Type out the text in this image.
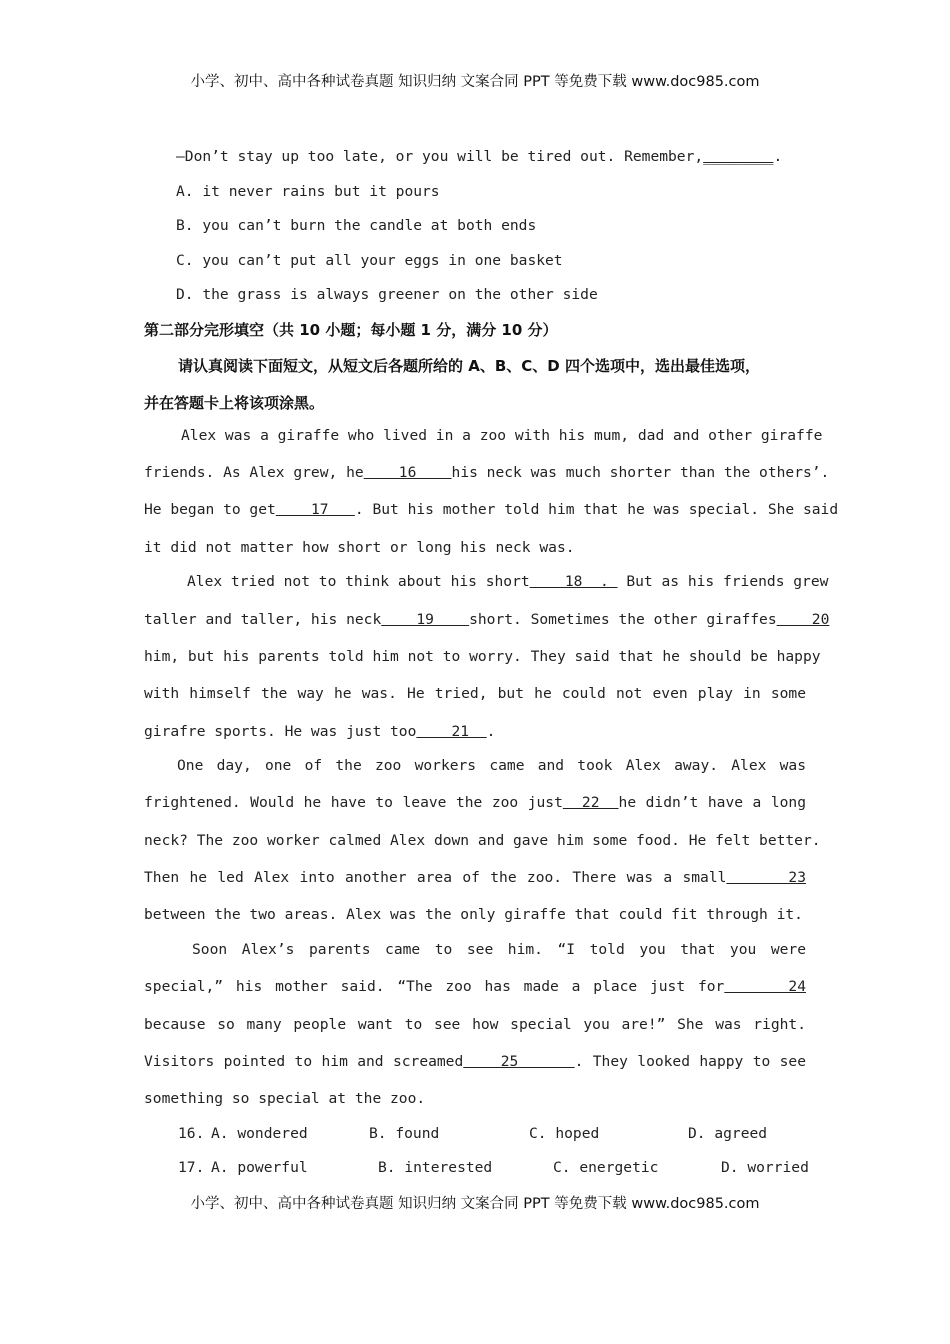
小学、初中、高中各种试卷真题 知识归纳 文案合同 PPT 等免费下载 www.doc985.com
—Don’t stay up too late, or you will be tired out. Remember,________.
A. it never rains but it pours
B. you can’t burn the candle at both ends
C. you can’t put all your eggs in one basket
D. the grass is always greener on the other side
第二部分完形填空（共 10 小题；每小题 1 分，满分 10 分）
请认真阅读下面短文，从短文后各题所给的 A、B、C、D 四个选项中，选出最佳选项，
并在答题卡上将该项涂黑。
Alex was a giraffe who lived in a zoo with his mum, dad and other giraffe
friends. As Alex grew, he    16    his neck was much shorter than the others’.
He began to get    17   . But his mother told him that he was special. She said
it did not matter how short or long his neck was.
Alex tried not to think about his short    18  .  But as his friends grew
taller and taller, his neck    19    short. Sometimes the other giraffes    20
him, but his parents told him not to worry. They said that he should be happy
with himself the way he was. He tried, but he could not even play in some
girafre sports. He was just too    21  .
One day, one of the zoo workers came and took Alex away. Alex was
frightened. Would he have to leave the zoo just  22  he didn’t have a long
neck? The zoo worker calmed Alex down and gave him some food. He felt better.
Then he led Alex into another area of the zoo. There was a small      23
between the two areas. Alex was the only giraffe that could fit through it.
Soon Alex’s parents came to see him. “I told you that you were
special,” his mother said. “The zoo has made a place just for     24
because so many people want to see how special you are!” She was right.
Visitors pointed to him and screamed    25      . They looked happy to see
something so special at the zoo.
16. A. wondered	B. found	C. hoped	D. agreed
17. A. powerful	B. interested	C. energetic	D. worried
小学、初中、高中各种试卷真题 知识归纳 文案合同 PPT 等免费下载 www.doc985.com
